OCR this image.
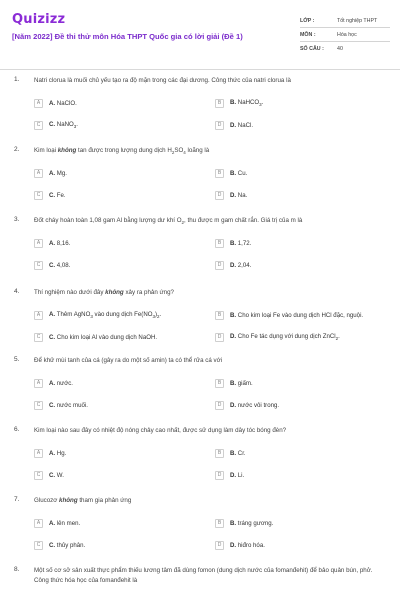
Quizizz
[Năm 2022] Đề thi thử môn Hóa THPT Quốc gia có lời giải (Đề 1)
LỚP :	Tốt nghiệp THPT
MÔN :	Hóa học
SỐ CÂU :	40
1. Natri clorua là muối chủ yếu tạo ra độ mặn trong các đại dương. Công thức của natri clorua là
A	A. NaClO.	B	B. NaHCO$_3$.
C	C. NaNO$_3$.	D	D. NaCl.
2. Kim loại không tan được trong lượng dung dịch $H_2SO_4$ loãng là
A	A. Mg.	B	B. Cu.
C	C. Fe.	D	D. Na.
3. Đốt cháy hoàn toàn 1,08 gam Al bằng lượng dư khí $O_2$, thu được m gam chất rắn. Giá trị của m là
A	A. 8,16.	B	B. 1,72.
C	C. 4,08.	D	D. 2,04.
4. Thí nghiệm nào dưới đây không xảy ra phản ứng?
A	A. Thêm AgNO$_3$ vào dung dịch $Fe(NO_3)_2$.	B	B. Cho kim loại Fe vào dung dịch HCl đặc, nguội.
C	C. Cho kim loại Al vào dung dịch NaOH.	D	D. Cho Fe tác dụng với dung dịch ZnCl$_2$.
5. Để khử mùi tanh của cá (gây ra do một số amin) ta có thể rửa cá với
A	A. nước.	B	B. giấm.
C	C. nước muối.	D	D. nước vôi trong.
6. Kim loại nào sau đây có nhiệt độ nóng chảy cao nhất, được sử dụng làm dây tóc bóng đèn?
A	A. Hg.	B	B. Cr.
C	C. W.	D	D. Li.
7. Glucozơ không tham gia phản ứng
A	A. lên men.	B	B. tráng gương.
C	C. thủy phân.	D	D. hiđro hóa.
8. Một số cơ sở sản xuất thực phẩm thiếu lương tâm đã dùng fomon (dung dịch nước của fomanđehit) để bảo quản bún, phở. Công thức hóa học của fomanđehit là
